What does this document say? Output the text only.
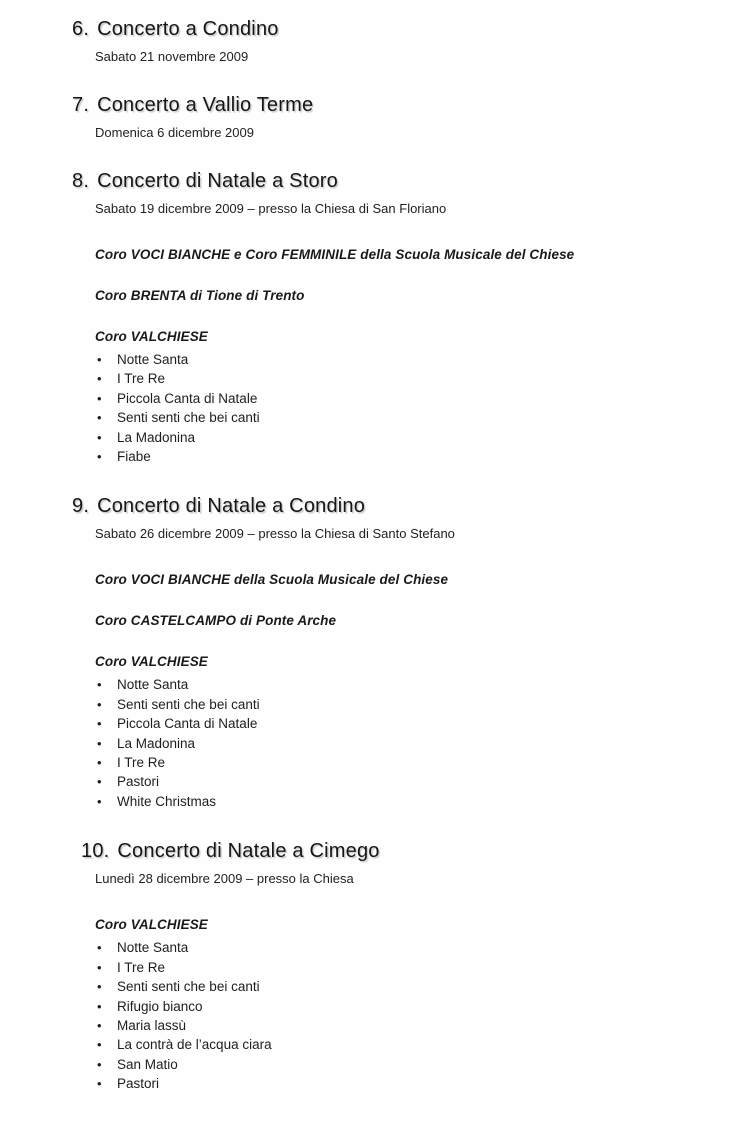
6. Concerto a Condino

Sabato 21 novembre 2009

7. Concerto a Vallio Terme

Domenica 6 dicembre 2009

8. Concerto di Natale a Storo

Sabato 19 dicembre 2009 – presso la Chiesa di San Floriano

Coro VOCI BIANCHE e Coro FEMMINILE della Scuola Musicale del Chiese

Coro BRENTA di Tione di Trento

Coro VALCHIESE

• Notte Santa
• I Tre Re
• Piccola Canta di Natale
• Senti senti che bei canti
• La Madonina
• Fiabe
9. Concerto di Natale a Condino

Sabato 26 dicembre 2009 – presso la Chiesa di Santo Stefano

Coro VOCI BIANCHE della Scuola Musicale del Chiese

Coro CASTELCAMPO di Ponte Arche

Coro VALCHIESE

• Notte Santa
• Senti senti che bei canti
• Piccola Canta di Natale
• La Madonina
• I Tre Re
• Pastori
• White Christmas
10. Concerto di Natale a Cimego

Lunedì 28 dicembre 2009 – presso la Chiesa

Coro VALCHIESE

• Notte Santa
• I Tre Re
• Senti senti che bei canti
• Rifugio bianco
• Maria lassù
• La contrà de l’acqua ciara
• San Matio
• Pastori
